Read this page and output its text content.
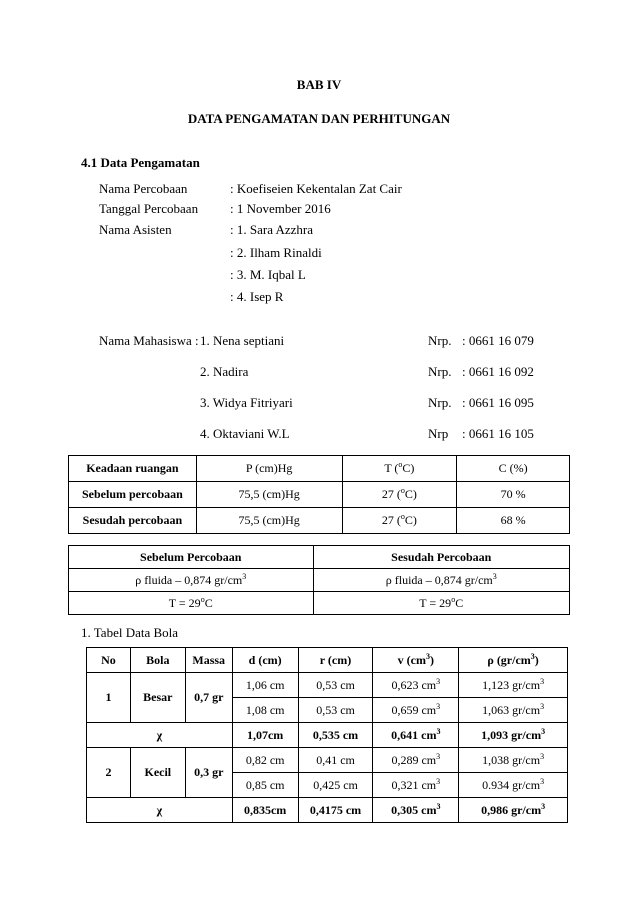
BAB IV
DATA PENGAMATAN DAN PERHITUNGAN
4.1 Data Pengamatan
Nama Percobaan	: Koefiseien Kekentalan Zat Cair
Tanggal Percobaan : 1 November 2016
Nama Asisten	: 1. Sara Azzhra
: 2. Ilham Rinaldi
: 3. M. Iqbal L
: 4. Isep R
Nama Mahasiswa : 1. Nena septiani	Nrp. : 0661 16 079
2. Nadira	Nrp. : 0661 16 092
3. Widya Fitriyari	Nrp. : 0661 16 095
4. Oktaviani W.L	Nrp : 0661 16 105
Keadaan ruangan	P (cm)Hg	T ($^o$C)	C (%)
Sebelum percobaan	75,5 (cm)Hg	27 ($^o$C)	70 %
Sesudah percobaan	75,5 (cm)Hg	27 ($^o$C)	68 %
Sebelum Percobaan	Sesudah Percobaan
ρ fluida – 0,874 $gr/cm^3$	ρ fluida – 0,874 $gr/cm^3$
$T = 29^oC$	$T = 29^oC$
1. Tabel Data Bola
No	Bola	Massa	d (cm)	r (cm)	v $(cm^3)$	ρ $(gr/cm^3)$
1	Besar	0,7 gr	1,06 cm	0,53 cm	0,623 $cm^3$	1,123 $gr/cm^3$
			1,08 cm	0,53 cm	0,659 $cm^3$	1,063 $gr/cm^3$
χ			1,07cm	0,535 cm	0,641 $cm^3$	1,093 $gr/cm^3$
2	Kecil	0,3 gr	0,82 cm	0,41 cm	0,289 $cm^3$	1,038 $gr/cm^3$
			0,85 cm	0,425 cm	0,321 $cm^3$	0.934 $gr/cm^3$
χ			0,835cm	0,4175 cm	0,305 $cm^3$	0,986 $gr/cm^3$
